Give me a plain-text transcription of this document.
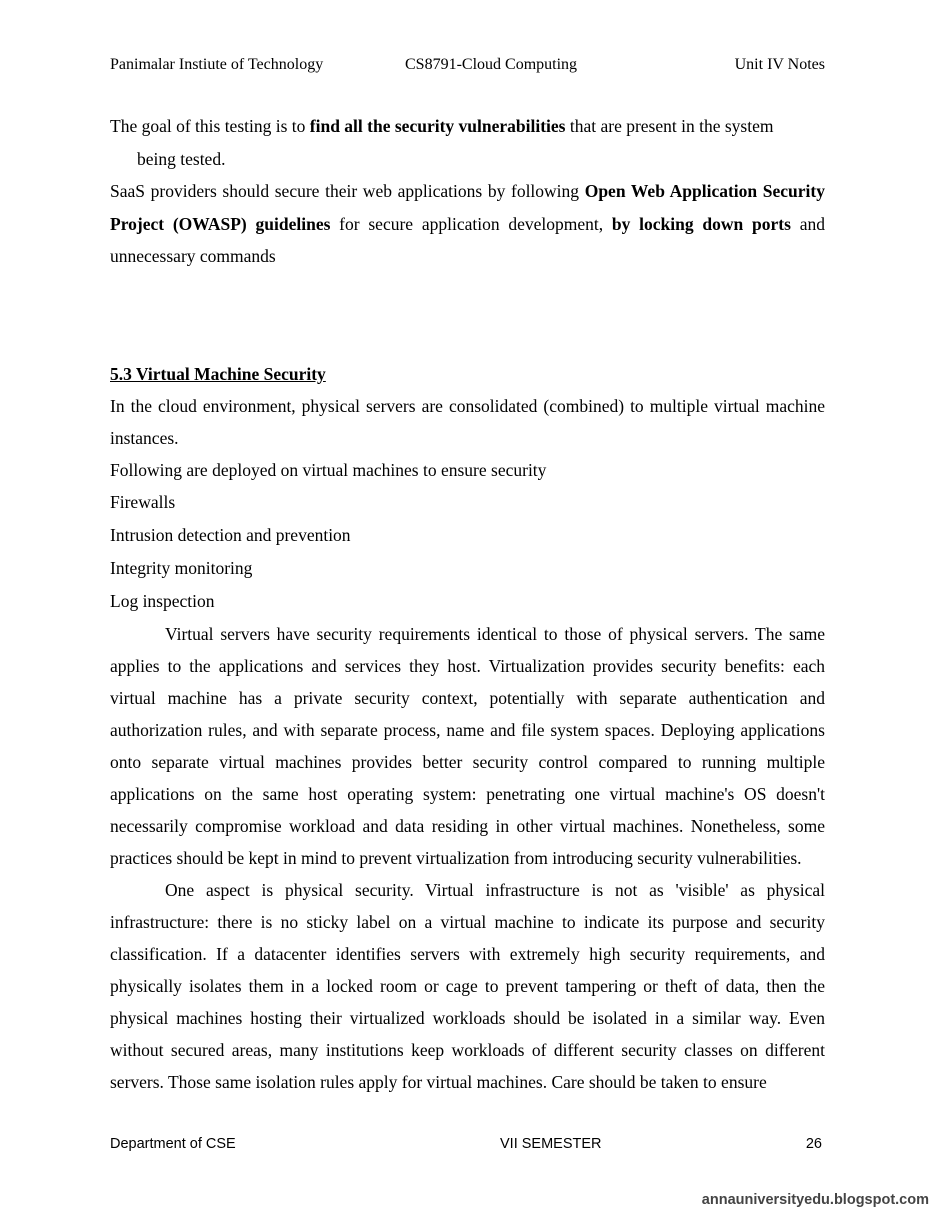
Panimalar Instiute of Technology	CS8791-Cloud Computing	Unit IV Notes

The goal of this testing is to find all the security vulnerabilities that are present in the system

being tested.

SaaS providers should secure their web applications by following Open Web Application Security Project (OWASP) guidelines for secure application development, by locking down ports and unnecessary commands

5.3 Virtual Machine Security

In the cloud environment, physical servers are consolidated (combined) to multiple virtual machine instances.

Following are deployed on virtual machines to ensure security

Firewalls

Intrusion detection and prevention

Integrity monitoring

Log inspection

Virtual servers have security requirements identical to those of physical servers. The same applies to the applications and services they host. Virtualization provides security benefits: each virtual machine has a private security context, potentially with separate authentication and authorization rules, and with separate process, name and file system spaces. Deploying applications onto separate virtual machines provides better security control compared to running multiple applications on the same host operating system: penetrating one virtual machine's OS doesn't necessarily compromise workload and data residing in other virtual machines. Nonetheless, some practices should be kept in mind to prevent virtualization from introducing security vulnerabilities.

One aspect is physical security. Virtual infrastructure is not as 'visible' as physical infrastructure: there is no sticky label on a virtual machine to indicate its purpose and security classification. If a datacenter identifies servers with extremely high security requirements, and physically isolates them in a locked room or cage to prevent tampering or theft of data, then the physical machines hosting their virtualized workloads should be isolated in a similar way. Even without secured areas, many institutions keep workloads of different security classes on different servers. Those same isolation rules apply for virtual machines. Care should be taken to ensure

Department of CSE	VII SEMESTER	26
annauniversityedu.blogspot.com
